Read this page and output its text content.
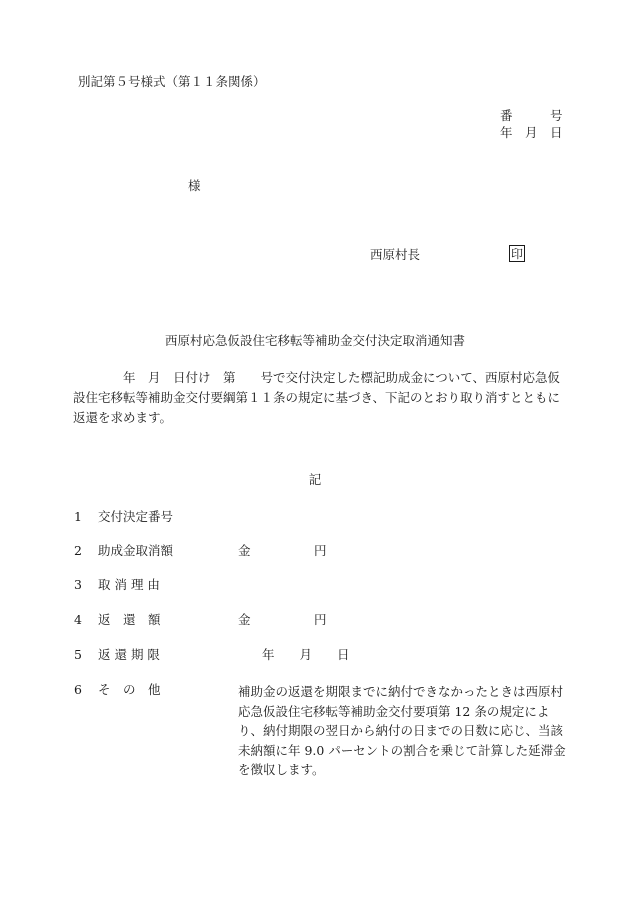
別記第５号様式（第１１条関係）
番　　　号
年　月　日
様
西原村長	印
西原村応急仮設住宅移転等補助金交付決定取消通知書
　　　　年　月　日付け　第　　号で交付決定した標記助成金について、西原村応急仮設住宅移転等補助金交付要綱第１１条の規定に基づき、下記のとおり取り消すとともに返還を求めます。
記
1 交付決定番号
2 助成金取消額	金	円
3 取 消 理 由
4 返　還　額	金	円
5 返 還 期 限	年　　月　　日
6 そ　の　他	補助金の返還を期限までに納付できなかったときは西原村応急仮設住宅移転等補助金交付要項第 12 条の規定により、納付期限の翌日から納付の日までの日数に応じ、当該未納額に年 9.0 パーセントの割合を乗じて計算した延滞金を徴収します。
